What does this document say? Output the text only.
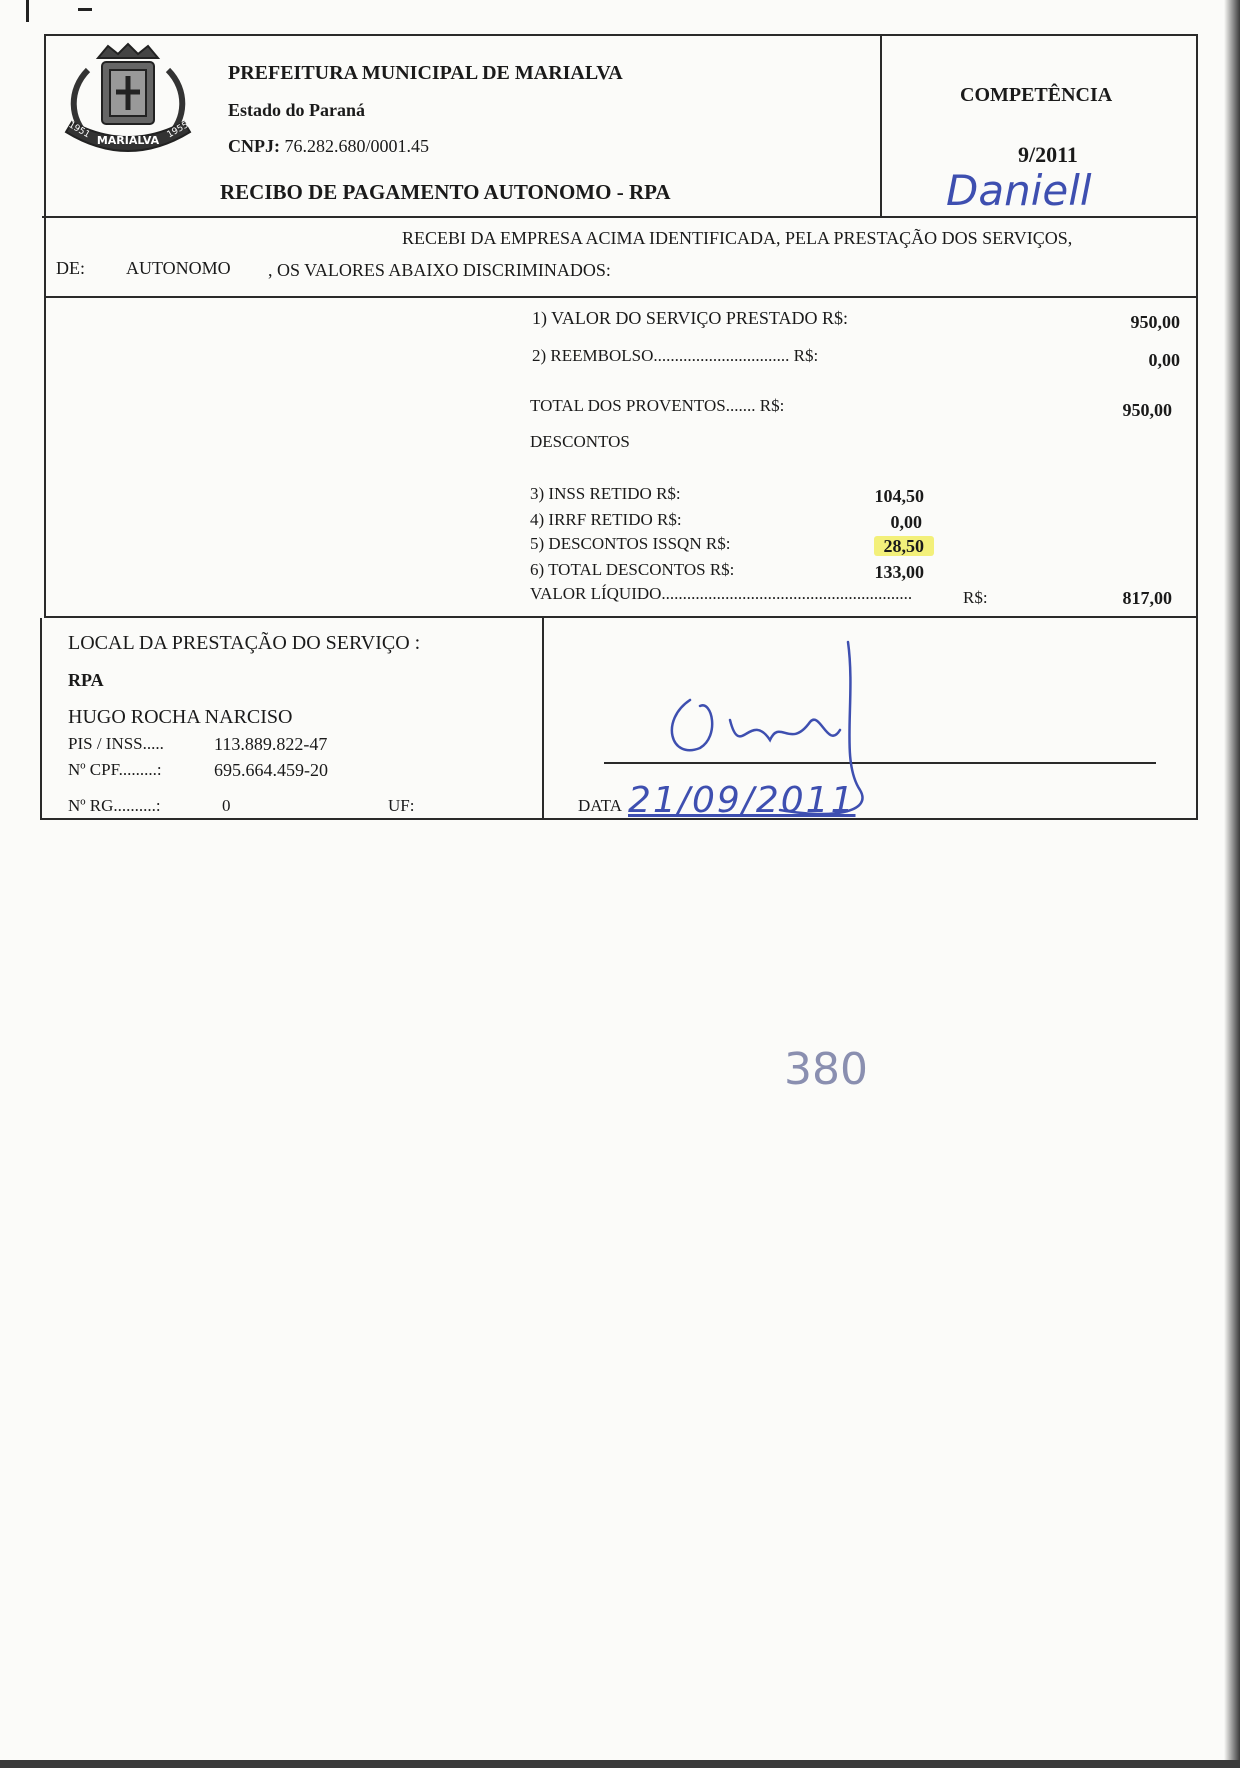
MARIALVA
1951	1955
PREFEITURA MUNICIPAL DE MARIALVA
Estado do Paraná
CNPJ: 76.282.680/0001.45
RECIBO DE PAGAMENTO AUTONOMO - RPA
COMPETÊNCIA
9/2011
Daniell
RECEBI DA EMPRESA ACIMA IDENTIFICADA, PELA PRESTAÇÃO DOS SERVIÇOS,
DE: AUTONOMO , OS VALORES ABAIXO DISCRIMINADOS:
1) VALOR DO SERVIÇO PRESTADO R$:	950,00
2) REEMBOLSO................................ R$:	0,00
TOTAL DOS PROVENTOS....... R$:	950,00
DESCONTOS
3) INSS RETIDO R$:	104,50
4) IRRF RETIDO R$:	0,00
5) DESCONTOS ISSQN R$:	28,50
6) TOTAL DESCONTOS R$:	133,00
VALOR LÍQUIDO...........................................................	R$:	817,00
LOCAL DA PRESTAÇÃO DO SERVIÇO :
RPA
HUGO ROCHA NARCISO
PIS / INSS.....	113.889.822-47
Nº CPF.........:	695.664.459-20
Nº RG..........:	0	UF:	DATA 21/09/2011
380
